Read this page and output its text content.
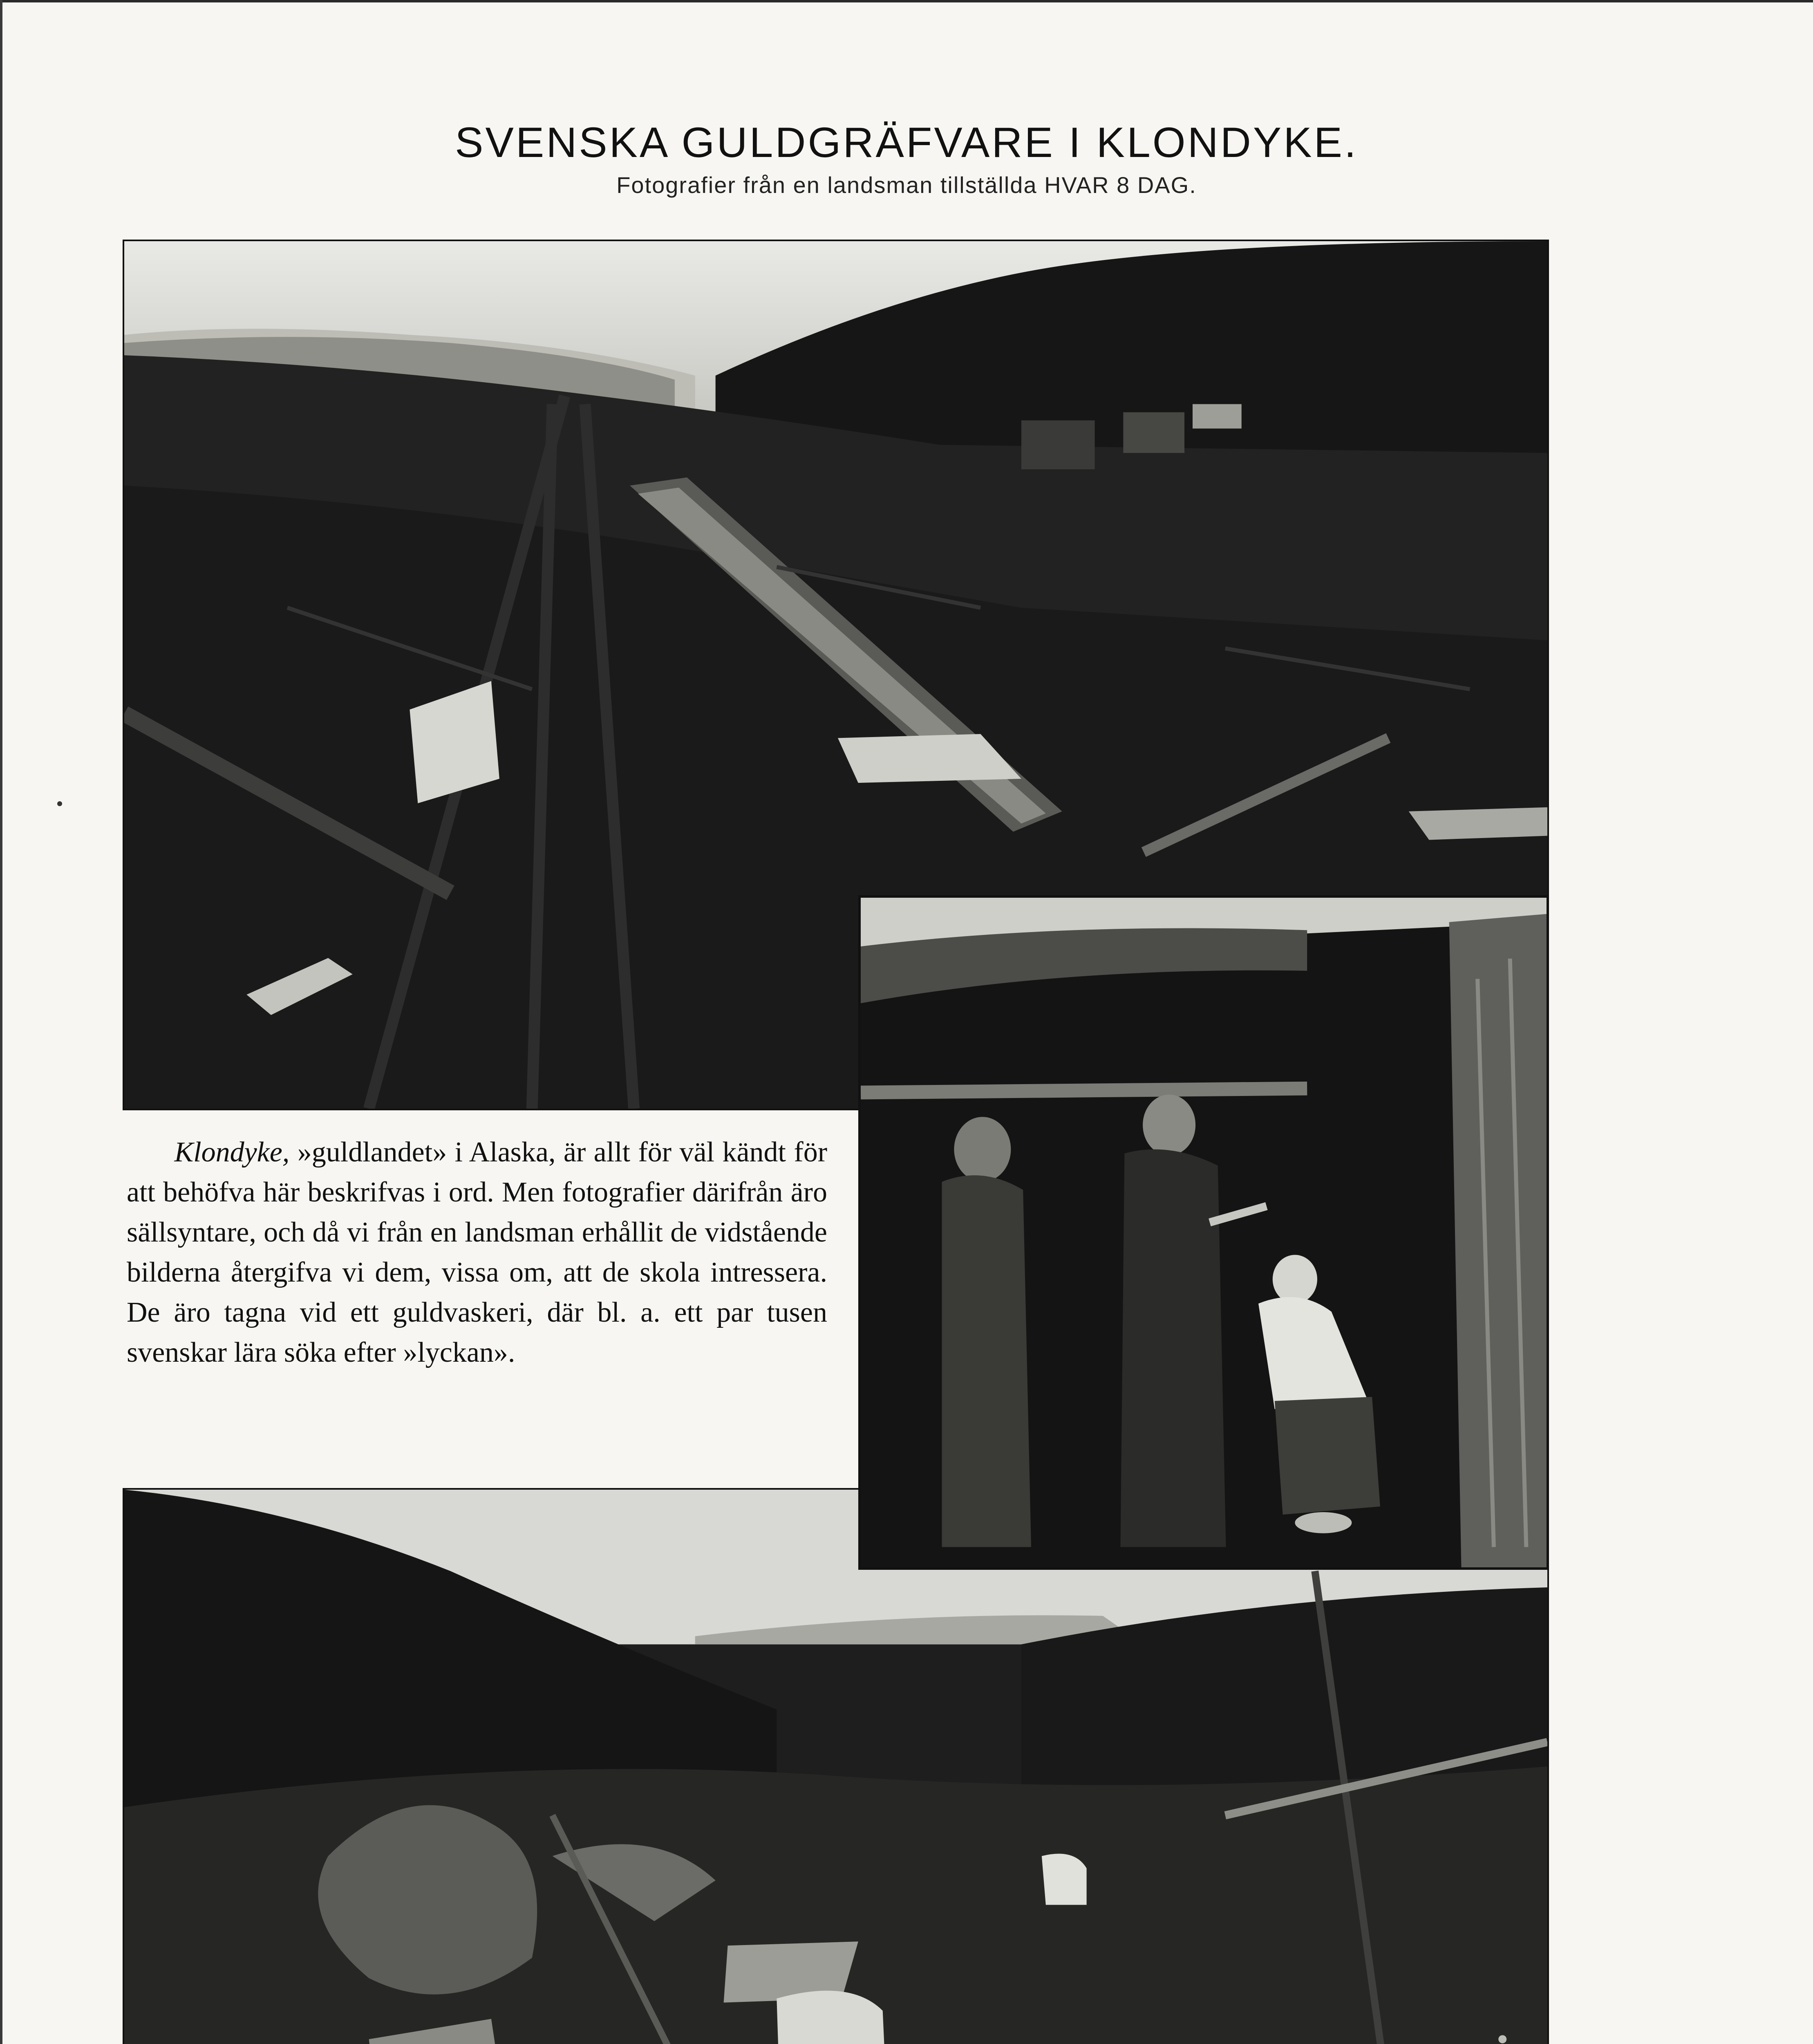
SVENSKA GULDGRÄFVARE I KLONDYKE.
Fotografier från en landsman tillställda HVAR 8 DAG.

Klondyke, »guldlandet» i Alaska, är allt för väl kändt för att behöfva här beskrifvas i ord. Men fotografier därifrån äro sällsyntare, och då vi från en landsman erhållit de vidstående bilderna återgifva vi dem, vissa om, att de skola intressera. De äro tagna vid ett guldvaskeri, där bl. a. ett par tusen svenskar lära söka efter »lyckan».
